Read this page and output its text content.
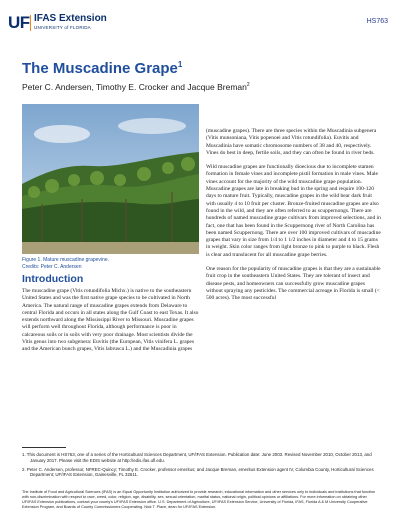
UF IFAS Extension
UNIVERSITY of FLORIDA
HS763
The Muscadine Grape$^1$
Peter C. Andersen, Timothy E. Crocker and Jacque Breman$^2$
Figure 1. Mature muscadine grapevine.
Credits: Peter C. Andersen
Introduction

The muscadine grape (Vitis rotundifolia Michx.) is native to the southeastern United States and was the first native grape species to be cultivated in North America. The natural range of muscadine grapes extends from Delaware to central Florida and occurs in all states along the Gulf Coast to east Texas. It also extends northward along the Mississippi River to Missouri. Muscadine grapes will perform well throughout Florida, although performance is poor in calcareous soils or in soils with very poor drainage. Most scientists divide the Vitis genus into two subgenera: Euvitis (the European, Vitis vinifera L. grapes and the American bunch grapes, Vitis labrusca L.) and the Muscadinia grapes

(muscadine grapes). There are three species within the Muscadinia subgenera (Vitis munsoniana, Vitis popenoei and Vitis rotundifolia). Euvitis and Muscadinia have somatic chromosome numbers of 38 and 40, respectively. Vines do best in deep, fertile soils, and they can often be found in river beds.

Wild muscadine grapes are functionally dioecious due to incomplete stamen formation in female vines and incomplete pistil formation in male vines. Male vines account for the majority of the wild muscadine grape population. Muscadine grapes are late in breaking bud in the spring and require 100-120 days to mature fruit. Typically, muscadine grapes in the wild bear dark fruit with usually 4 to 10 fruit per cluster. Bronze-fruited muscadine grapes are also found in the wild, and they are often referred to as scuppernongs. There are hundreds of named muscadine grape cultivars from improved selections, and in fact, one that has been found in the Scuppernong river of North Carolina has been named Scuppernong. There are over 100 improved cultivars of muscadine grapes that vary in size from 1/4 to 1 1/2 inches in diameter and 4 to 15 grams in weight. Skin color ranges from light bronze to pink to purple to black. Flesh is clear and translucent for all muscadine grape berries.

One reason for the popularity of muscadine grapes is that they are a sustainable fruit crop in the southeastern United States. They are tolerant of insect and disease pests, and homeowners can successfully grow muscadine grapes without spraying any pesticides. The commercial acreage in Florida is small (< 500 acres). The most successful

1. This document is HS763, one of a series of the Horticultural Sciences Department, UF/IFAS Extension. Publication date: June 2003. Revised November 2010, October 2013, and January 2017. Please visit the EDIS website at http://edis.ifas.ufl.edu.

2. Peter C. Andersen, professor, NFREC-Quincy; Timothy E. Crocker, professor emeritus; and Jacque Breman, emeritus Extension agent IV, Columbia County, Horticultural Sciences Department; UF/IFAS Extension, Gainesville, FL 32611.

The Institute of Food and Agricultural Sciences (IFAS) is an Equal Opportunity Institution authorized to provide research, educational information and other services only to individuals and institutions that function with non-discrimination with respect to race, creed, color, religion, age, disability, sex, sexual orientation, marital status, national origin, political opinions or affiliations. For more information on obtaining other UF/IFAS Extension publications, contact your county's UF/IFAS Extension office. U.S. Department of Agriculture, UF/IFAS Extension Service, University of Florida, IFAS, Florida A & M University Cooperative Extension Program, and Boards of County Commissioners Cooperating. Nick T. Place, dean for UF/IFAS Extension.
